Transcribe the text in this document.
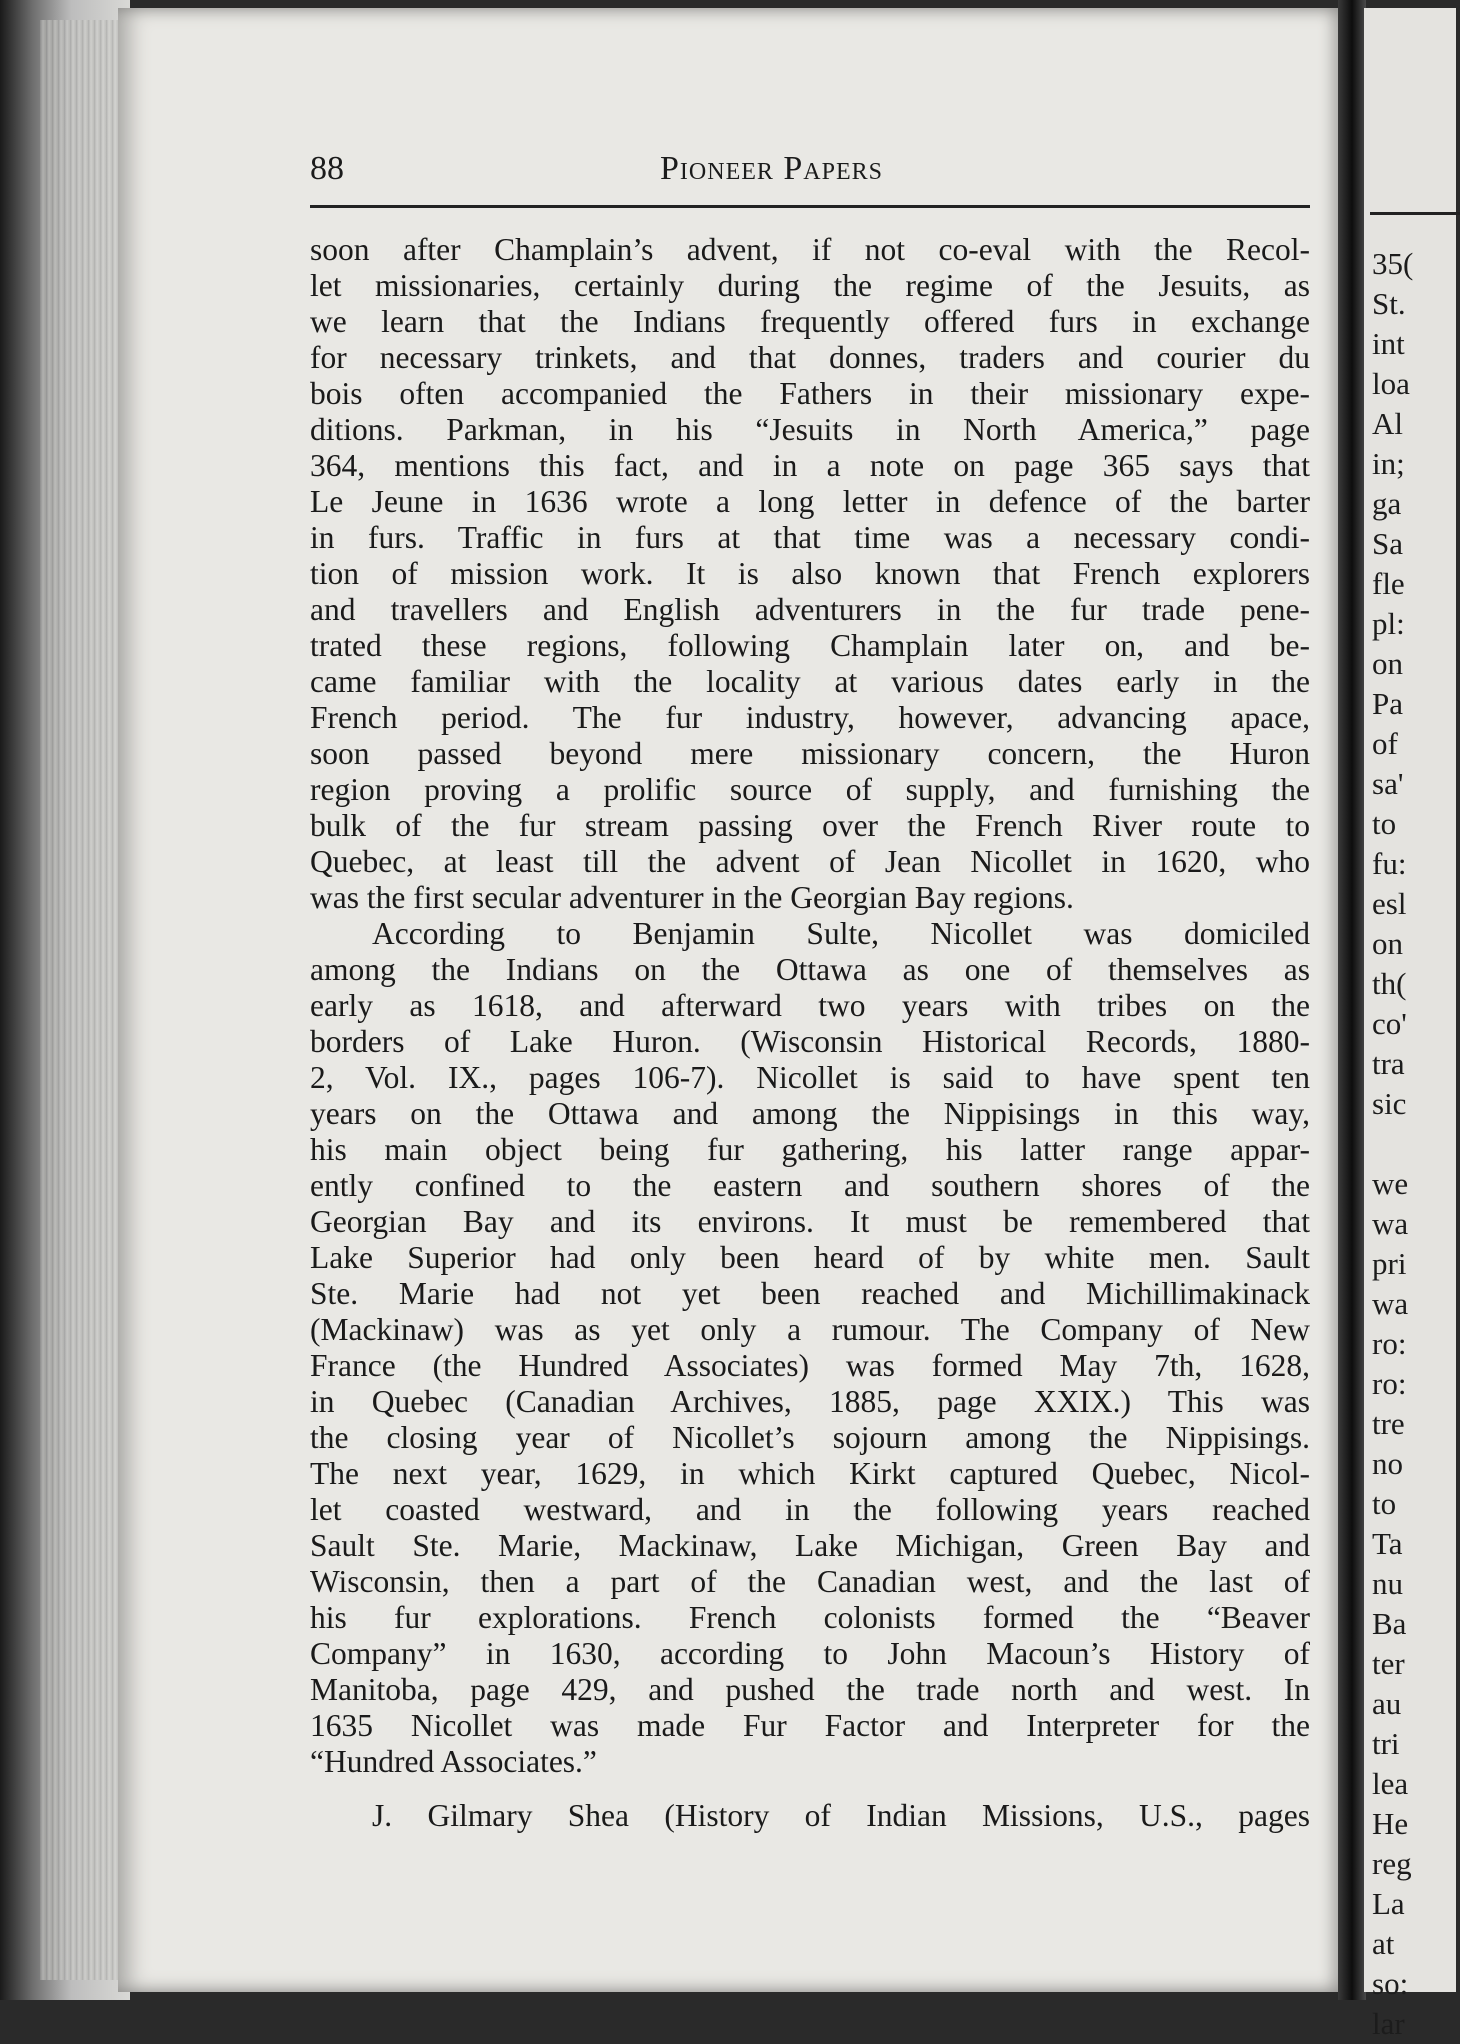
88	Pioneer Papers
soon after Champlain’s advent, if not co-eval with the Recol-
let missionaries, certainly during the regime of the Jesuits, as
we learn that the Indians frequently offered furs in exchange
for necessary trinkets, and that donnes, traders and courier du
bois often accompanied the Fathers in their missionary expe-
ditions. Parkman, in his “Jesuits in North America,” page
364, mentions this fact, and in a note on page 365 says that
Le Jeune in 1636 wrote a long letter in defence of the barter
in furs. Traffic in furs at that time was a necessary condi-
tion of mission work. It is also known that French explorers
and travellers and English adventurers in the fur trade pene-
trated these regions, following Champlain later on, and be-
came familiar with the locality at various dates early in the
French period. The fur industry, however, advancing apace,
soon passed beyond mere missionary concern, the Huron
region proving a prolific source of supply, and furnishing the
bulk of the fur stream passing over the French River route to
Quebec, at least till the advent of Jean Nicollet in 1620, who
was the first secular adventurer in the Georgian Bay regions.
According to Benjamin Sulte, Nicollet was domiciled
among the Indians on the Ottawa as one of themselves as
early as 1618, and afterward two years with tribes on the
borders of Lake Huron. (Wisconsin Historical Records, 1880-
2, Vol. IX., pages 106-7). Nicollet is said to have spent ten
years on the Ottawa and among the Nippisings in this way,
his main object being fur gathering, his latter range appar-
ently confined to the eastern and southern shores of the
Georgian Bay and its environs. It must be remembered that
Lake Superior had only been heard of by white men. Sault
Ste. Marie had not yet been reached and Michillimakinack
(Mackinaw) was as yet only a rumour. The Company of New
France (the Hundred Associates) was formed May 7th, 1628,
in Quebec (Canadian Archives, 1885, page XXIX.) This was
the closing year of Nicollet’s sojourn among the Nippisings.
The next year, 1629, in which Kirkt captured Quebec, Nicol-
let coasted westward, and in the following years reached
Sault Ste. Marie, Mackinaw, Lake Michigan, Green Bay and
Wisconsin, then a part of the Canadian west, and the last of
his fur explorations. French colonists formed the “Beaver
Company” in 1630, according to John Macoun’s History of
Manitoba, page 429, and pushed the trade north and west. In
1635 Nicollet was made Fur Factor and Interpreter for the
“Hundred Associates.”
J. Gilmary Shea (History of Indian Missions, U.S., pages
35(
St.
int
loa
Al
in;
ga
Sa
fle
pl:
on
Pa
of
sa'
to
fu:
esl
on
th(
co'
tra
sic
we
wa
pri
wa
ro:
ro:
tre
no
to
Ta
nu
Ba
ter
au
tri
lea
He
reg
La
at
so:
lar
